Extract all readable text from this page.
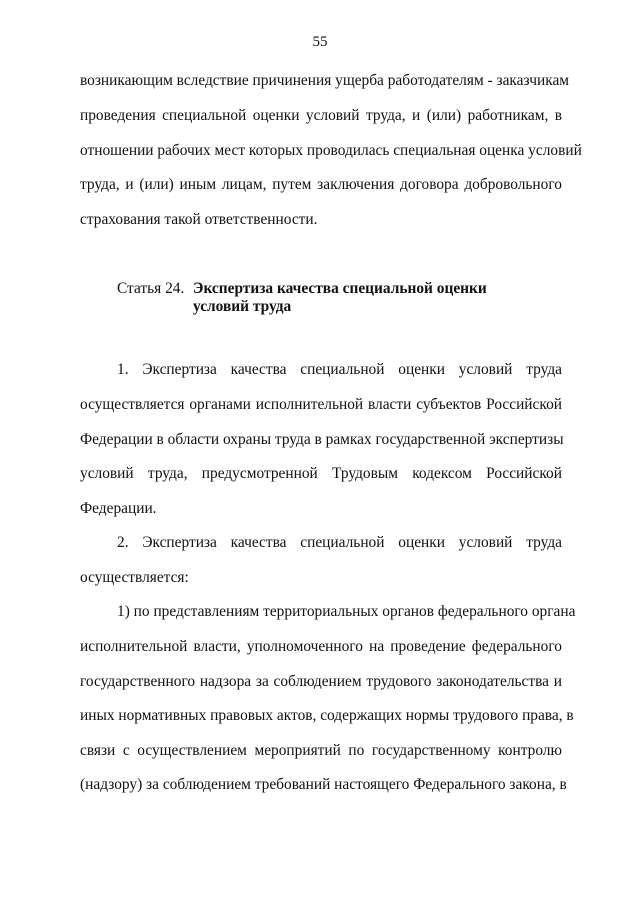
55
возникающим вследствие причинения ущерба работодателям - заказчикам
проведения специальной оценки условий труда, и (или) работникам, в
отношении рабочих мест которых проводилась специальная оценка условий
труда, и (или) иным лицам, путем заключения договора добровольного
страхования такой ответственности.
Статья 24. Экспертиза качества специальной оценки
условий труда
1. Экспертиза качества специальной оценки условий труда
осуществляется органами исполнительной власти субъектов Российской
Федерации в области охраны труда в рамках государственной экспертизы
условий труда, предусмотренной Трудовым кодексом Российской
Федерации.
2. Экспертиза качества специальной оценки условий труда
осуществляется:
1) по представлениям территориальных органов федерального органа
исполнительной власти, уполномоченного на проведение федерального
государственного надзора за соблюдением трудового законодательства и
иных нормативных правовых актов, содержащих нормы трудового права, в
связи с осуществлением мероприятий по государственному контролю
(надзору) за соблюдением требований настоящего Федерального закона, в
